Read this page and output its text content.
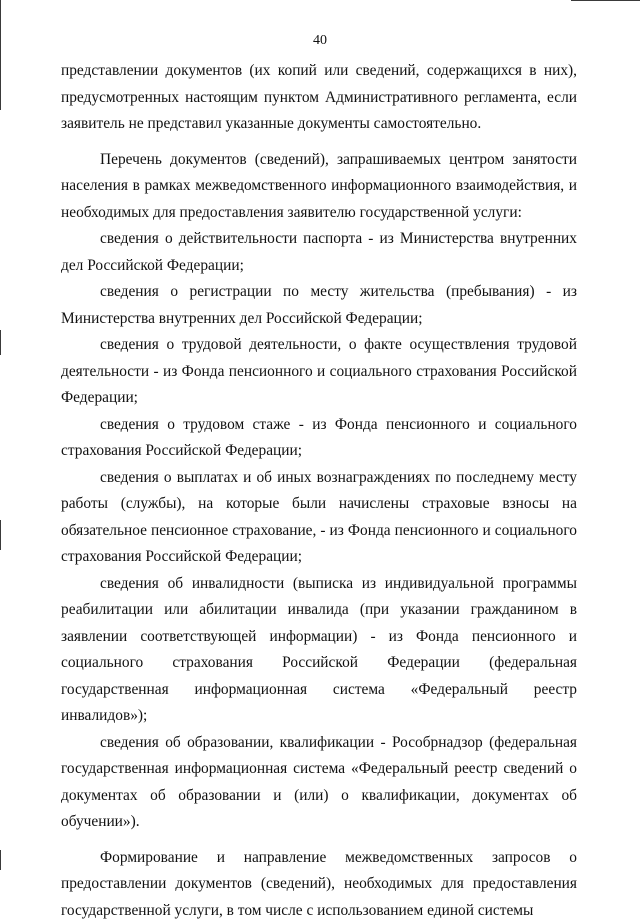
40

представлении документов (их копий или сведений, содержащихся в них), предусмотренных настоящим пунктом Административного регламента, если заявитель не представил указанные документы самостоятельно.

Перечень документов (сведений), запрашиваемых центром занятости населения в рамках межведомственного информационного взаимодействия, и необходимых для предоставления заявителю государственной услуги:

сведения о действительности паспорта - из Министерства внутренних дел Российской Федерации;

сведения о регистрации по месту жительства (пребывания) - из Министерства внутренних дел Российской Федерации;

сведения о трудовой деятельности, о факте осуществления трудовой деятельности - из Фонда пенсионного и социального страхования Российской Федерации;

сведения о трудовом стаже - из Фонда пенсионного и социального страхования Российской Федерации;

сведения о выплатах и об иных вознаграждениях по последнему месту работы (службы), на которые были начислены страховые взносы на обязательное пенсионное страхование, - из Фонда пенсионного и социального страхования Российской Федерации;

сведения об инвалидности (выписка из индивидуальной программы реабилитации или абилитации инвалида (при указании гражданином в заявлении соответствующей информации) - из Фонда пенсионного и социального страхования Российской Федерации (федеральная государственная информационная система «Федеральный реестр инвалидов»);

сведения об образовании, квалификации - Рособрнадзор (федеральная государственная информационная система «Федеральный реестр сведений о документах об образовании и (или) о квалификации, документах об обучении»).

Формирование и направление межведомственных запросов о предоставлении документов (сведений), необходимых для предоставления государственной услуги, в том числе с использованием единой системы
